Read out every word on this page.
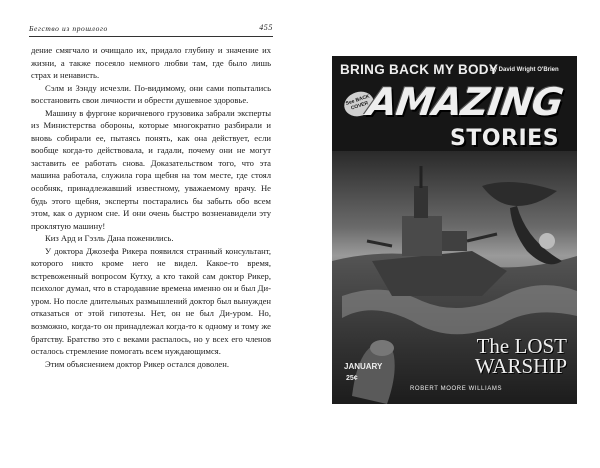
Бегство из прошлого	455

дение смягчало и очищало их, придало глубину и значение их жизни, а также посеяло немного любви там, где было лишь страх и ненависть.

Сэлм и Зэнду исчезли. По-видимому, они сами попытались восстановить свои личности и обрести душевное здоровье.

Машину в фургоне коричневого грузовика забрали эксперты из Министерства обороны, которые многократно разбирали и вновь собирали ее, пытаясь понять, как она действует, если вообще когда-то действовала, и гадали, почему они не могут заставить ее работать снова. Доказательством того, что эта машина работала, служила гора щебня на том месте, где стоял особняк, принадлежавший известному, уважаемому врачу. Не будь этого щебня, эксперты постарались бы забыть обо всем этом, как о дурном сне. И они очень быстро возненавидели эту проклятую машину!

Киз Ард и Гэзль Дана поженились.

У доктора Джозефа Рикера появился странный консультант, которого никто кроме него не видел. Какое-то время, встревоженный вопросом Кутху, а кто такой сам доктор Рикер, психолог думал, что в стародавние времена именно он и был Ди-уром. Но после длительных размышлений доктор был вынужден отказаться от этой гипотезы. Нет, он не был Ди-уром. Но, возможно, когда-то он принадлежал когда-то к одному и тому же братству. Братство это с веками распалось, но у всех его членов осталось стремление помогать всем нуждающимся.

Этим объяснением доктор Рикер остался доволен.

BRING BACK MY BODY
by David Wright O'Brien
See BACK COVER
AMAZING
STORIES
The LOST
WARSHIP
JANUARY
25¢
ROBERT MOORE WILLIAMS
